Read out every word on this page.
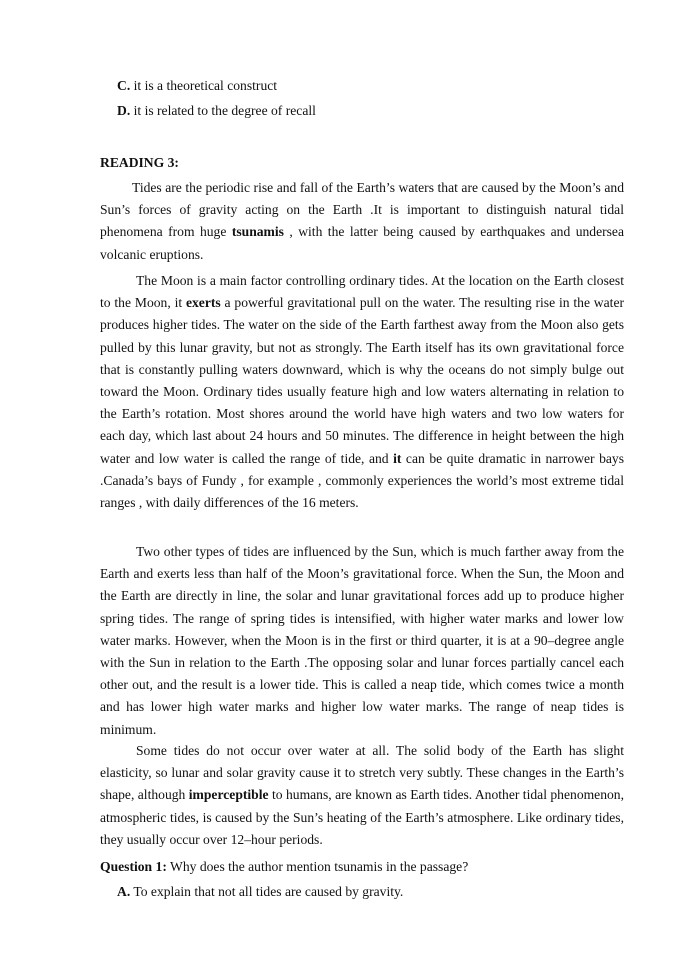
C. it is a theoretical construct
D. it is related to the degree of recall
READING 3:
Tides are the periodic rise and fall of the Earth’s waters that are caused by the Moon’s and Sun’s forces of gravity acting on the Earth .It is important to distinguish natural tidal phenomena from huge tsunamis , with the latter being caused by earthquakes and undersea volcanic eruptions.
The Moon is a main factor controlling ordinary tides. At the location on the Earth closest to the Moon, it exerts a powerful gravitational pull on the water. The resulting rise in the water produces higher tides. The water on the side of the Earth farthest away from the Moon also gets pulled by this lunar gravity, but not as strongly. The Earth itself has its own gravitational force that is constantly pulling waters downward, which is why the oceans do not simply bulge out toward the Moon. Ordinary tides usually feature high and low waters alternating in relation to the Earth’s rotation. Most shores around the world have high waters and two low waters for each day, which last about 24 hours and 50 minutes. The difference in height between the high water and low water is called the range of tide, and it can be quite dramatic in narrower bays .Canada’s bays of Fundy , for example , commonly experiences the world’s most extreme tidal ranges , with daily differences of the 16 meters.
Two other types of tides are influenced by the Sun, which is much farther away from the Earth and exerts less than half of the Moon’s gravitational force. When the Sun, the Moon and the Earth are directly in line, the solar and lunar gravitational forces add up to produce higher spring tides. The range of spring tides is intensified, with higher water marks and lower low water marks. However, when the Moon is in the first or third quarter, it is at a 90–degree angle with the Sun in relation to the Earth .The opposing solar and lunar forces partially cancel each other out, and the result is a lower tide. This is called a neap tide, which comes twice a month and has lower high water marks and higher low water marks. The range of neap tides is minimum.
Some tides do not occur over water at all. The solid body of the Earth has slight elasticity, so lunar and solar gravity cause it to stretch very subtly. These changes in the Earth’s shape, although imperceptible to humans, are known as Earth tides. Another tidal phenomenon, atmospheric tides, is caused by the Sun’s heating of the Earth’s atmosphere. Like ordinary tides, they usually occur over 12–hour periods.
Question 1: Why does the author mention tsunamis in the passage?
A. To explain that not all tides are caused by gravity.
